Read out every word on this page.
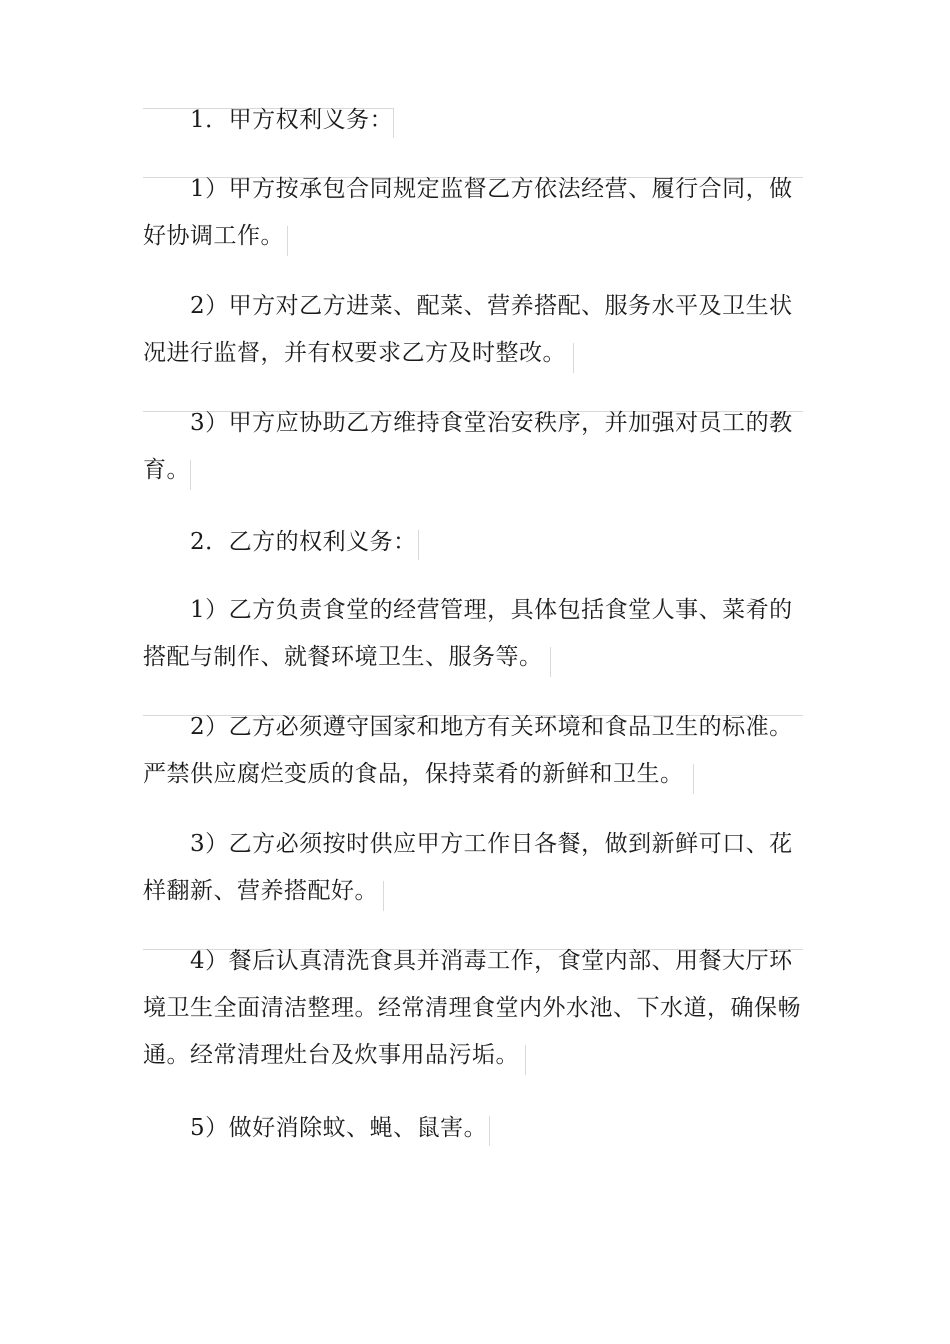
1．甲方权利义务：
1）甲方按承包合同规定监督乙方依法经营、履行合同，做
好协调工作。
2）甲方对乙方进菜、配菜、营养搭配、服务水平及卫生状
况进行监督，并有权要求乙方及时整改。
3）甲方应协助乙方维持食堂治安秩序，并加强对员工的教
育。
2．乙方的权利义务：
1）乙方负责食堂的经营管理，具体包括食堂人事、菜肴的
搭配与制作、就餐环境卫生、服务等。
2）乙方必须遵守国家和地方有关环境和食品卫生的标准。
严禁供应腐烂变质的食品，保持菜肴的新鲜和卫生。
3）乙方必须按时供应甲方工作日各餐，做到新鲜可口、花
样翻新、营养搭配好。
4）餐后认真清洗食具并消毒工作，食堂内部、用餐大厅环
境卫生全面清洁整理。经常清理食堂内外水池、下水道，确保畅
通。经常清理灶台及炊事用品污垢。
5）做好消除蚊、蝇、鼠害。
